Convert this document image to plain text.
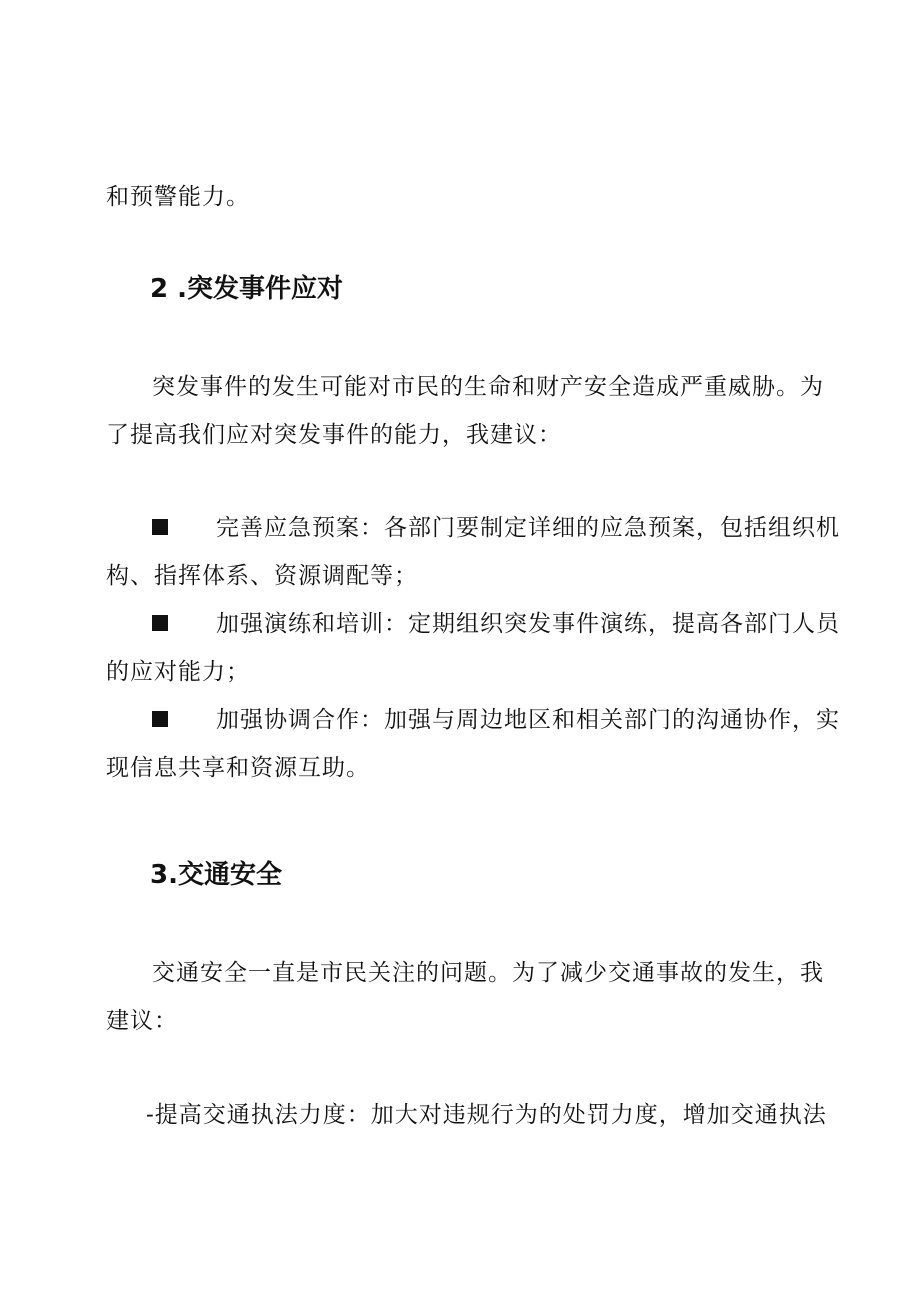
和预警能力。
2 .突发事件应对
突发事件的发生可能对市民的生命和财产安全造成严重威胁。为
了提高我们应对突发事件的能力，我建议：
完善应急预案：各部门要制定详细的应急预案，包括组织机
构、指挥体系、资源调配等；
加强演练和培训：定期组织突发事件演练，提高各部门人员
的应对能力；
加强协调合作：加强与周边地区和相关部门的沟通协作，实
现信息共享和资源互助。
3.交通安全
交通安全一直是市民关注的问题。为了减少交通事故的发生，我
建议：
-提高交通执法力度：加大对违规行为的处罚力度，增加交通执法
